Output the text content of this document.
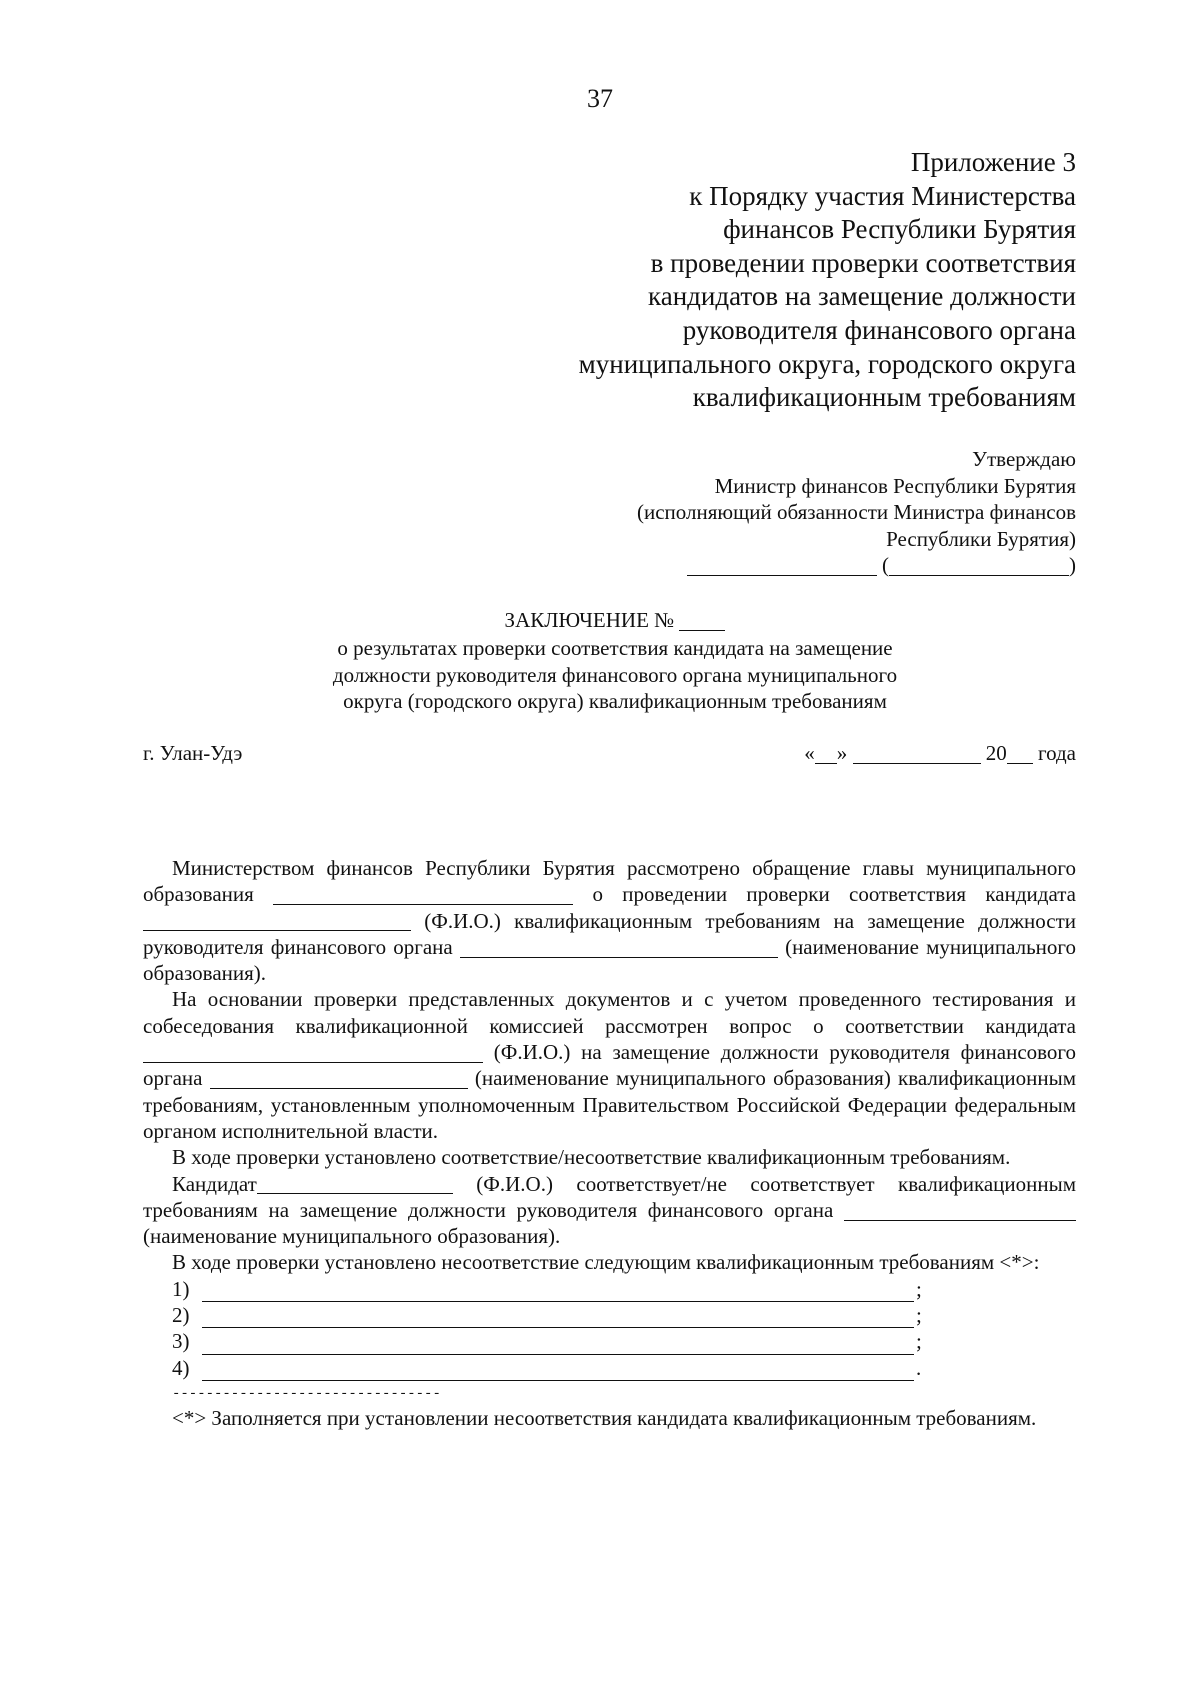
37
Приложение 3
к Порядку участия Министерства
финансов Республики Бурятия
в проведении проверки соответствия
кандидатов на замещение должности
руководителя финансового органа
муниципального округа, городского округа
квалификационным требованиям
Утверждаю
Министр финансов Республики Бурятия
(исполняющий обязанности Министра финансов
Республики Бурятия)
(	)
ЗАКЛЮЧЕНИЕ №
о результатах проверки соответствия кандидата на замещение
должности руководителя финансового органа муниципального
округа (городского округа) квалификационным требованиям
г. Улан-Удэ	« »	20 года

Министерством финансов Республики Бурятия рассмотрено обращение главы муниципального образования	о проведении проверки соответствия кандидата  (Ф.И.О.) квалификационным требованиям на замещение должности руководителя финансового органа	(наименование муниципального образования).

На основании проверки представленных документов и с учетом проведенного тестирования и собеседования квалификационной комиссией рассмотрен вопрос о соответствии кандидата  (Ф.И.О.) на замещение должности руководителя финансового органа	(наименование муниципального образования) квалификационным требованиям, установленным уполномоченным Правительством Российской Федерации федеральным органом исполнительной власти.

В ходе проверки установлено соответствие/несоответствие квалификационным требованиям.

Кандидат	(Ф.И.О.) соответствует/не соответствует квалификационным требованиям на замещение должности руководителя финансового органа  (наименование муниципального образования).

В ходе проверки установлено несоответствие следующим квалификационным требованиям <*>:

1)	;
2)	;
3)	;
4)	.
--------------------------------

<*> Заполняется при установлении несоответствия кандидата квалификационным требованиям.
